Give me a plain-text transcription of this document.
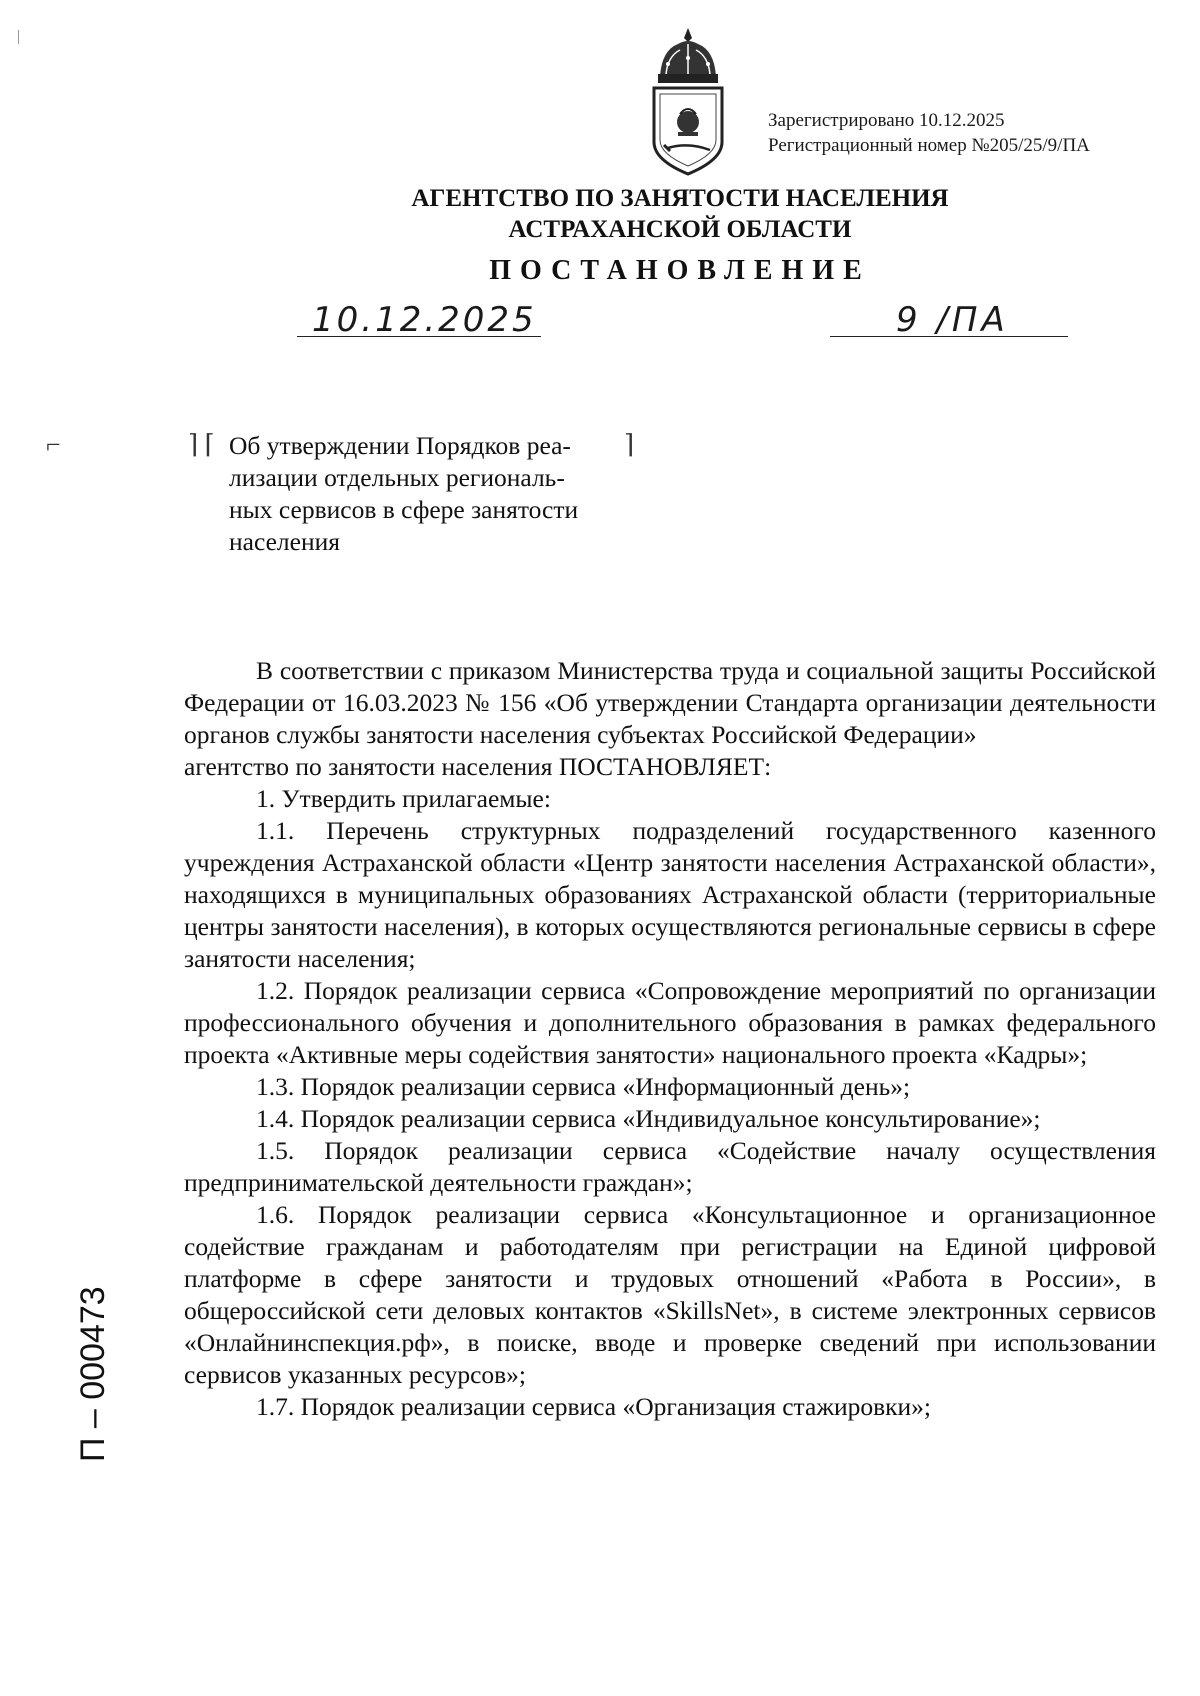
Зарегистрировано 10.12.2025
Регистрационный номер №205/25/9/ПА
АГЕНТСТВО ПО ЗАНЯТОСТИ НАСЕЛЕНИЯ
АСТРАХАНСКОЙ ОБЛАСТИ
ПОСТАНОВЛЕНИЕ
10.12.2025	9 /ПА
⌐	⌉ ⌈	⌉
Об утверждении Порядков реа-
лизации отдельных региональ-
ных сервисов в сфере занятости
населения

В соответствии с приказом Министерства труда и социальной защиты Российской Федерации от 16.03.2023 № 156 «Об утверждении Стандарта организации деятельности органов службы занятости населения субъектах Российской Федерации»

агентство по занятости населения ПОСТАНОВЛЯЕТ:

1. Утвердить прилагаемые:

1.1. Перечень структурных подразделений государственного казенного учреждения Астраханской области «Центр занятости населения Астраханской области», находящихся в муниципальных образованиях Астраханской области (территориальные центры занятости населения), в которых осуществляются региональные сервисы в сфере занятости населения;

1.2. Порядок реализации сервиса «Сопровождение мероприятий по организации профессионального обучения и дополнительного образования в рамках федерального проекта «Активные меры содействия занятости» национального проекта «Кадры»;

1.3. Порядок реализации сервиса «Информационный день»;

1.4. Порядок реализации сервиса «Индивидуальное консультирование»;

1.5. Порядок реализации сервиса «Содействие началу осуществления предпринимательской деятельности граждан»;

1.6. Порядок реализации сервиса «Консультационное и организационное содействие гражданам и работодателям при регистрации на Единой цифровой платформе в сфере занятости и трудовых отношений «Работа в России», в общероссийской сети деловых контактов «SkillsNet», в системе электронных сервисов «Онлайнинспекция.рф», в поиске, вводе и проверке сведений при использовании сервисов указанных ресурсов»;

1.7. Порядок реализации сервиса «Организация стажировки»;

П – 000473
